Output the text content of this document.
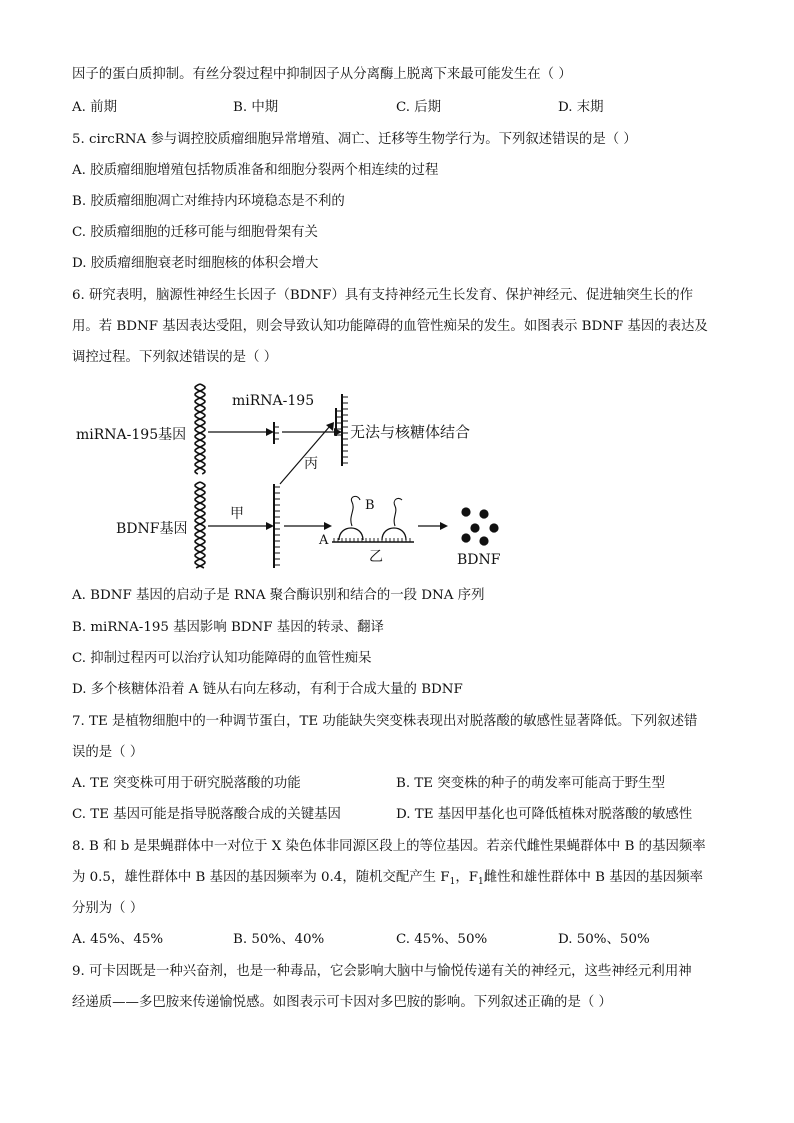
因子的蛋白质抑制。有丝分裂过程中抑制因子从分离酶上脱离下来最可能发生在（ ）
A. 前期	B. 中期	C. 后期	D. 末期
5. circRNA 参与调控胶质瘤细胞异常增殖、凋亡、迁移等生物学行为。下列叙述错误的是（ ）
A. 胶质瘤细胞增殖包括物质准备和细胞分裂两个相连续的过程
B. 胶质瘤细胞凋亡对维持内环境稳态是不利的
C. 胶质瘤细胞的迁移可能与细胞骨架有关
D. 胶质瘤细胞衰老时细胞核的体积会增大
6. 研究表明，脑源性神经生长因子（BDNF）具有支持神经元生长发育、保护神经元、促进轴突生长的作
用。若 BDNF 基因表达受阻，则会导致认知功能障碍的血管性痴呆的发生。如图表示 BDNF 基因的表达及
调控过程。下列叙述错误的是（ ）
miRNA-195基因
miRNA-195
无法与核糖体结合
丙
BDNF基因
甲
B
A
乙	BDNF
A. BDNF 基因的启动子是 RNA 聚合酶识别和结合的一段 DNA 序列
B. miRNA-195 基因影响 BDNF 基因的转录、翻译
C. 抑制过程丙可以治疗认知功能障碍的血管性痴呆
D. 多个核糖体沿着 A 链从右向左移动，有利于合成大量的 BDNF
7. TE 是植物细胞中的一种调节蛋白，TE 功能缺失突变株表现出对脱落酸的敏感性显著降低。下列叙述错
误的是（ ）
A. TE 突变株可用于研究脱落酸的功能	B. TE 突变株的种子的萌发率可能高于野生型
C. TE 基因可能是指导脱落酸合成的关键基因	D. TE 基因甲基化也可降低植株对脱落酸的敏感性
8. B 和 b 是果蝇群体中一对位于 X 染色体非同源区段上的等位基因。若亲代雌性果蝇群体中 B 的基因频率
为 0.5，雄性群体中 B 基因的基因频率为 0.4，随机交配产生 $F_1$，$F_1$雌性和雄性群体中 B 基因的基因频率
分别为（ ）
A. 45%、45%	B. 50%、40%	C. 45%、50%	D. 50%、50%
9. 可卡因既是一种兴奋剂，也是一种毒品，它会影响大脑中与愉悦传递有关的神经元，这些神经元利用神
经递质——多巴胺来传递愉悦感。如图表示可卡因对多巴胺的影响。下列叙述正确的是（ ）
